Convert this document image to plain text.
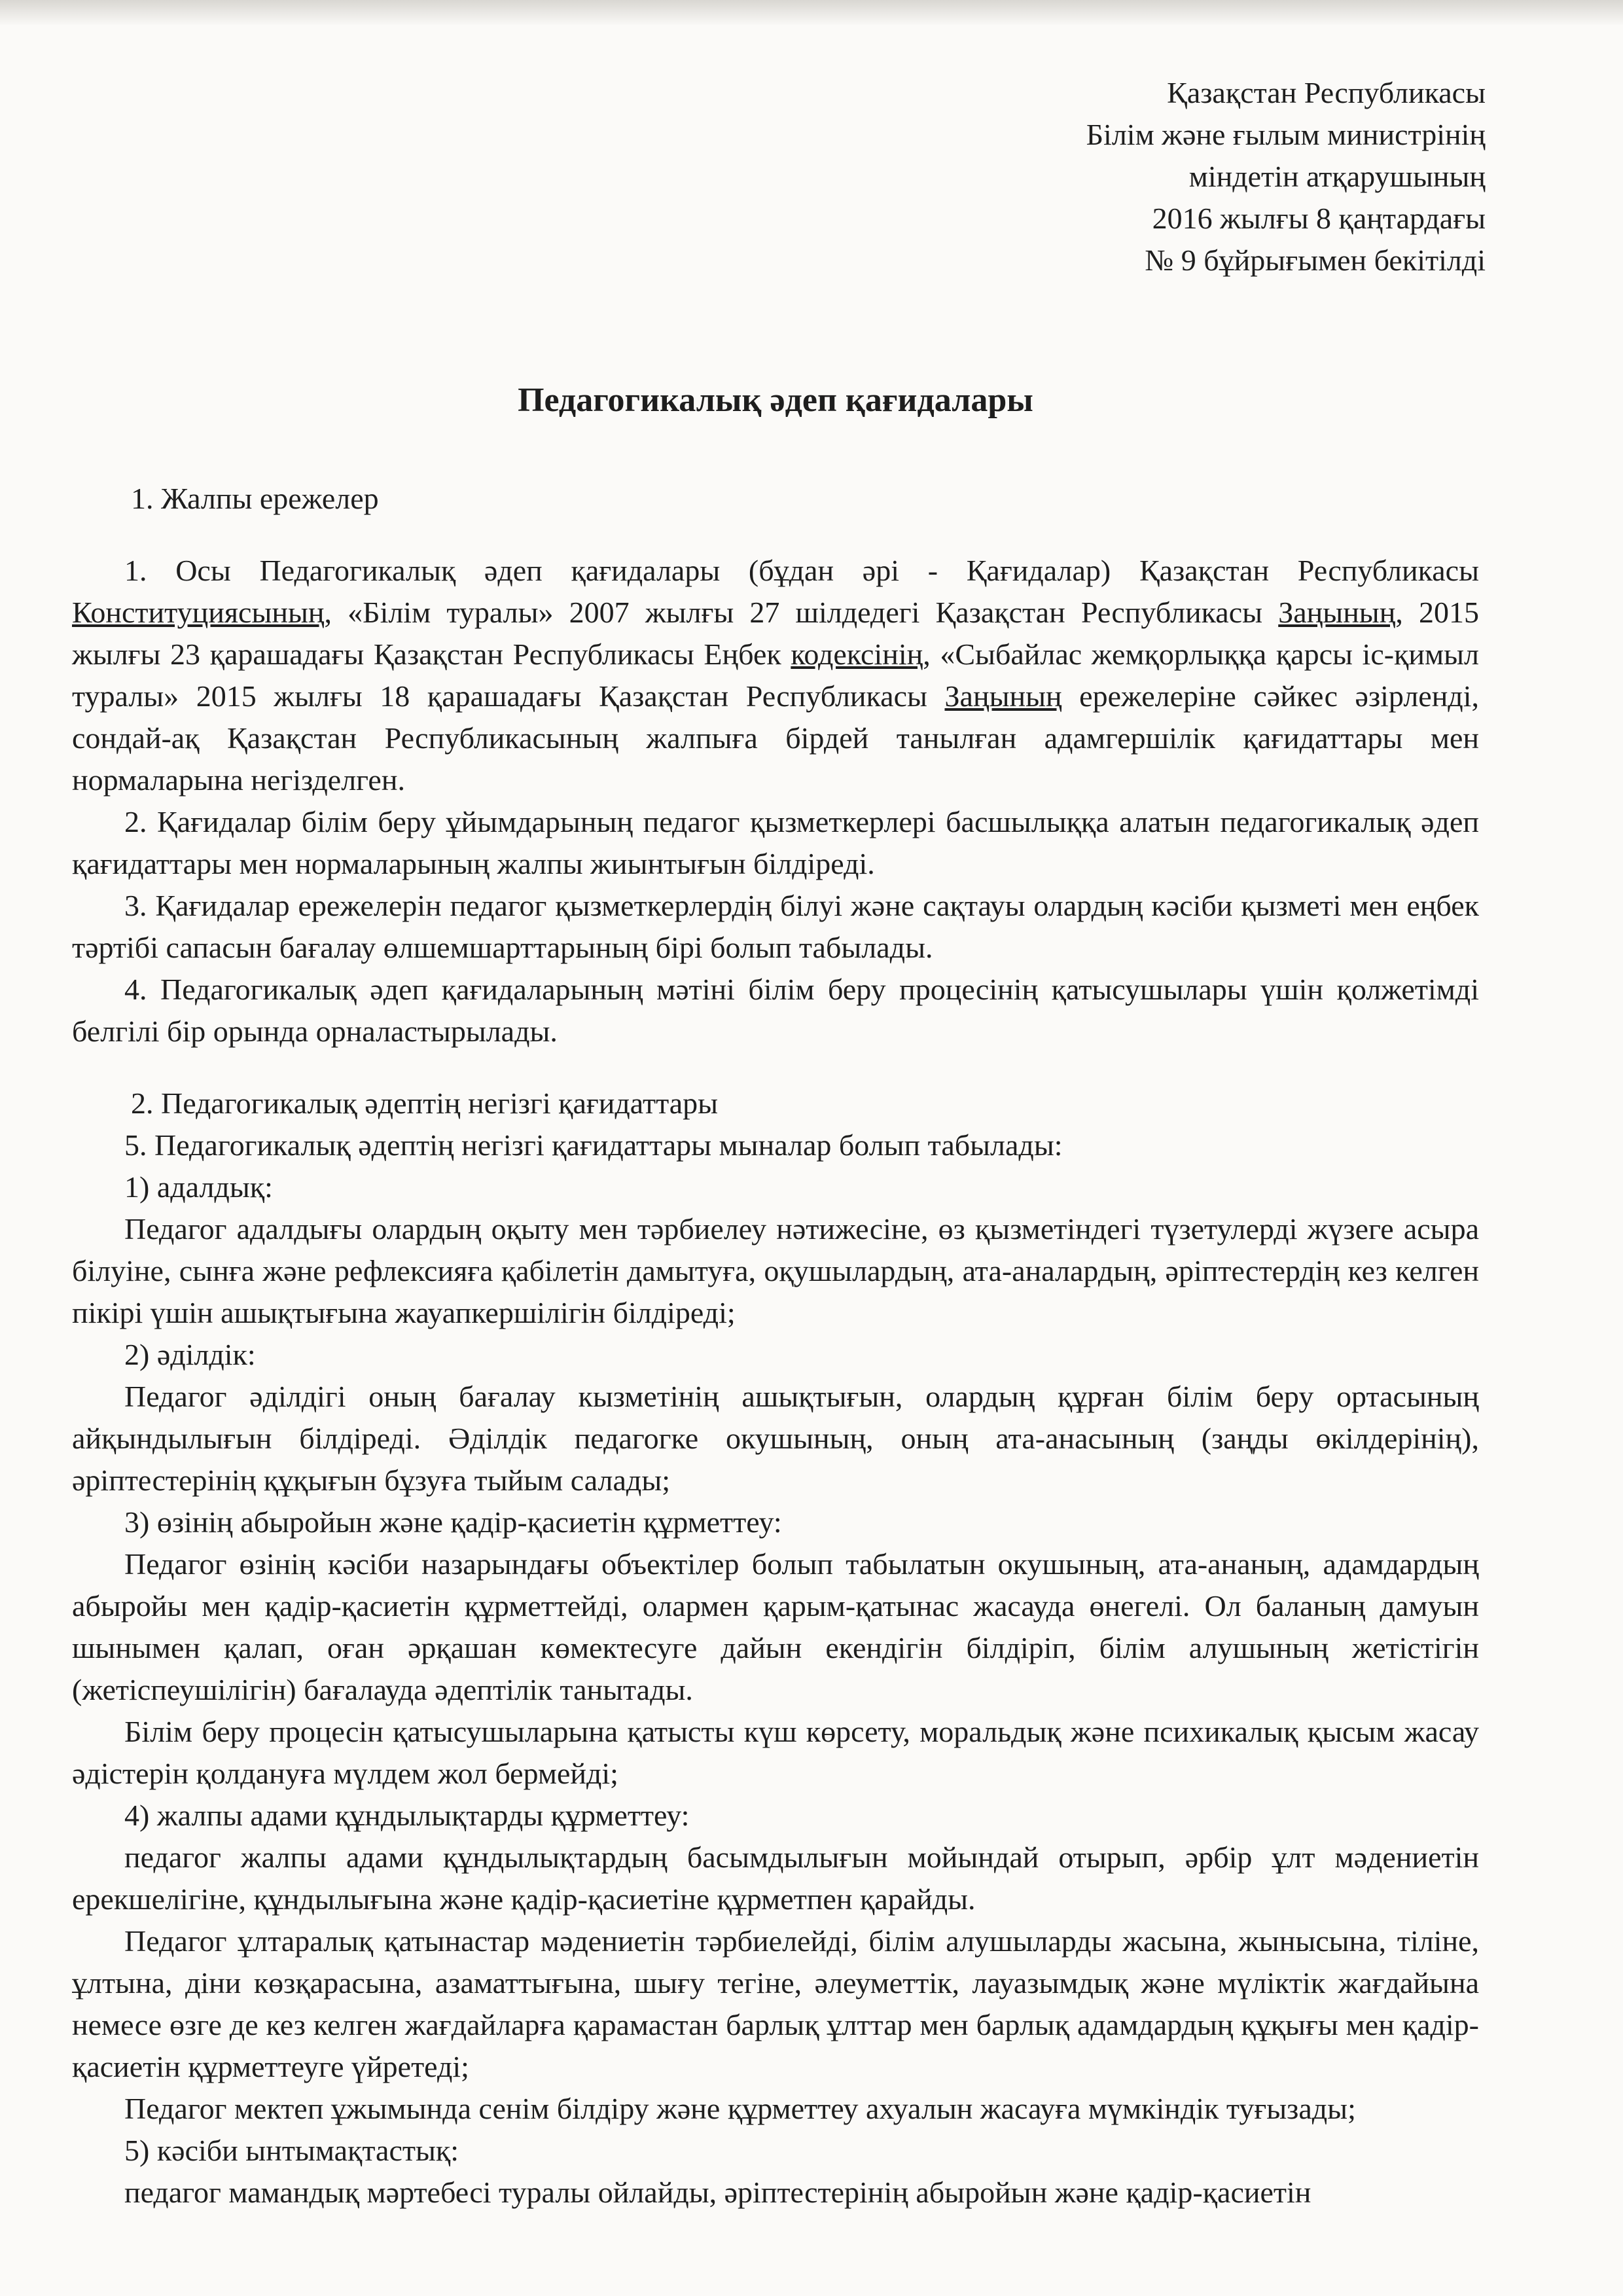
Қазақстан Республикасы
Білім және ғылым министрінің
міндетін атқарушының
2016 жылғы 8 қаңтардағы
№ 9 бұйрығымен бекітілді
Педагогикалық әдеп қағидалары

1. Жалпы ережелер

1. Осы Педагогикалық әдеп қағидалары (бұдан әрі - Қағидалар) Қазақстан Республикасы Конституциясының, «Білім туралы» 2007 жылғы 27 шілдедегі Қазақстан Республикасы Заңының, 2015 жылғы 23 қарашадағы Қазақстан Республикасы Еңбек кодексінің, «Сыбайлас жемқорлыққа қарсы іс-қимыл туралы» 2015 жылғы 18 қарашадағы Қазақстан Республикасы Заңының ережелеріне сәйкес әзірленді, сондай-ақ Қазақстан Республикасының жалпыға бірдей танылған адамгершілік қағидаттары мен нормаларына негізделген.

2. Қағидалар білім беру ұйымдарының педагог қызметкерлері басшылыққа алатын педагогикалық әдеп қағидаттары мен нормаларының жалпы жиынтығын білдіреді.

3. Қағидалар ережелерін педагог қызметкерлердің білуі және сақтауы олардың кәсіби қызметі мен еңбек тәртібі сапасын бағалау өлшемшарттарының бірі болып табылады.

4. Педагогикалық әдеп қағидаларының мәтіні білім беру процесінің қатысушылары үшін қолжетімді белгілі бір орында орналастырылады.

2. Педагогикалық әдептің негізгі қағидаттары

5. Педагогикалық әдептің негізгі қағидаттары мыналар болып табылады:

1) адалдық:

Педагог адалдығы олардың оқыту мен тәрбиелеу нәтижесіне, өз қызметіндегі түзетулерді жүзеге асыра білуіне, сынға және рефлексияға қабілетін дамытуға, оқушылардың, ата-аналардың, әріптестердің кез келген пікірі үшін ашықтығына жауапкершілігін білдіреді;

2) әділдік:

Педагог әділдігі оның бағалау кызметінің ашықтығын, олардың құрған білім беру ортасының айқындылығын білдіреді. Әділдік педагогке окушының, оның ата-анасының (заңды өкілдерінің), әріптестерінің құқығын бұзуға тыйым салады;

3) өзінің абыройын және қадір-қасиетін құрметтеу:

Педагог өзінің кәсіби назарындағы объектілер болып табылатын окушының, ата-ананың, адамдардың абыройы мен қадір-қасиетін құрметтейді, олармен қарым-қатынас жасауда өнегелі. Ол баланың дамуын шынымен қалап, оған әрқашан көмектесуге дайын екендігін білдіріп, білім алушының жетістігін (жетіспеушілігін) бағалауда әдептілік танытады.

Білім беру процесін қатысушыларына қатысты күш көрсету, моральдық және психикалық қысым жасау әдістерін қолдануға мүлдем жол бермейді;

4) жалпы адами құндылықтарды құрметтеу:

педагог жалпы адами құндылықтардың басымдылығын мойындай отырып, әрбір ұлт мәдениетін ерекшелігіне, құндылығына және қадір-қасиетіне құрметпен қарайды.

Педагог ұлтаралық қатынастар мәдениетін тәрбиелейді, білім алушыларды жасына, жынысына, тіліне, ұлтына, діни көзқарасына, азаматтығына, шығу тегіне, әлеуметтік, лауазымдық және мүліктік жағдайына немесе өзге де кез келген жағдайларға қарамастан барлық ұлттар мен барлық адамдардың құқығы мен қадір-қасиетін құрметтеуге үйретеді;

Педагог мектеп ұжымында сенім білдіру және құрметтеу ахуалын жасауға мүмкіндік туғызады;

5) кәсіби ынтымақтастық:

педагог мамандық мәртебесі туралы ойлайды, әріптестерінің абыройын және қадір-қасиетін
